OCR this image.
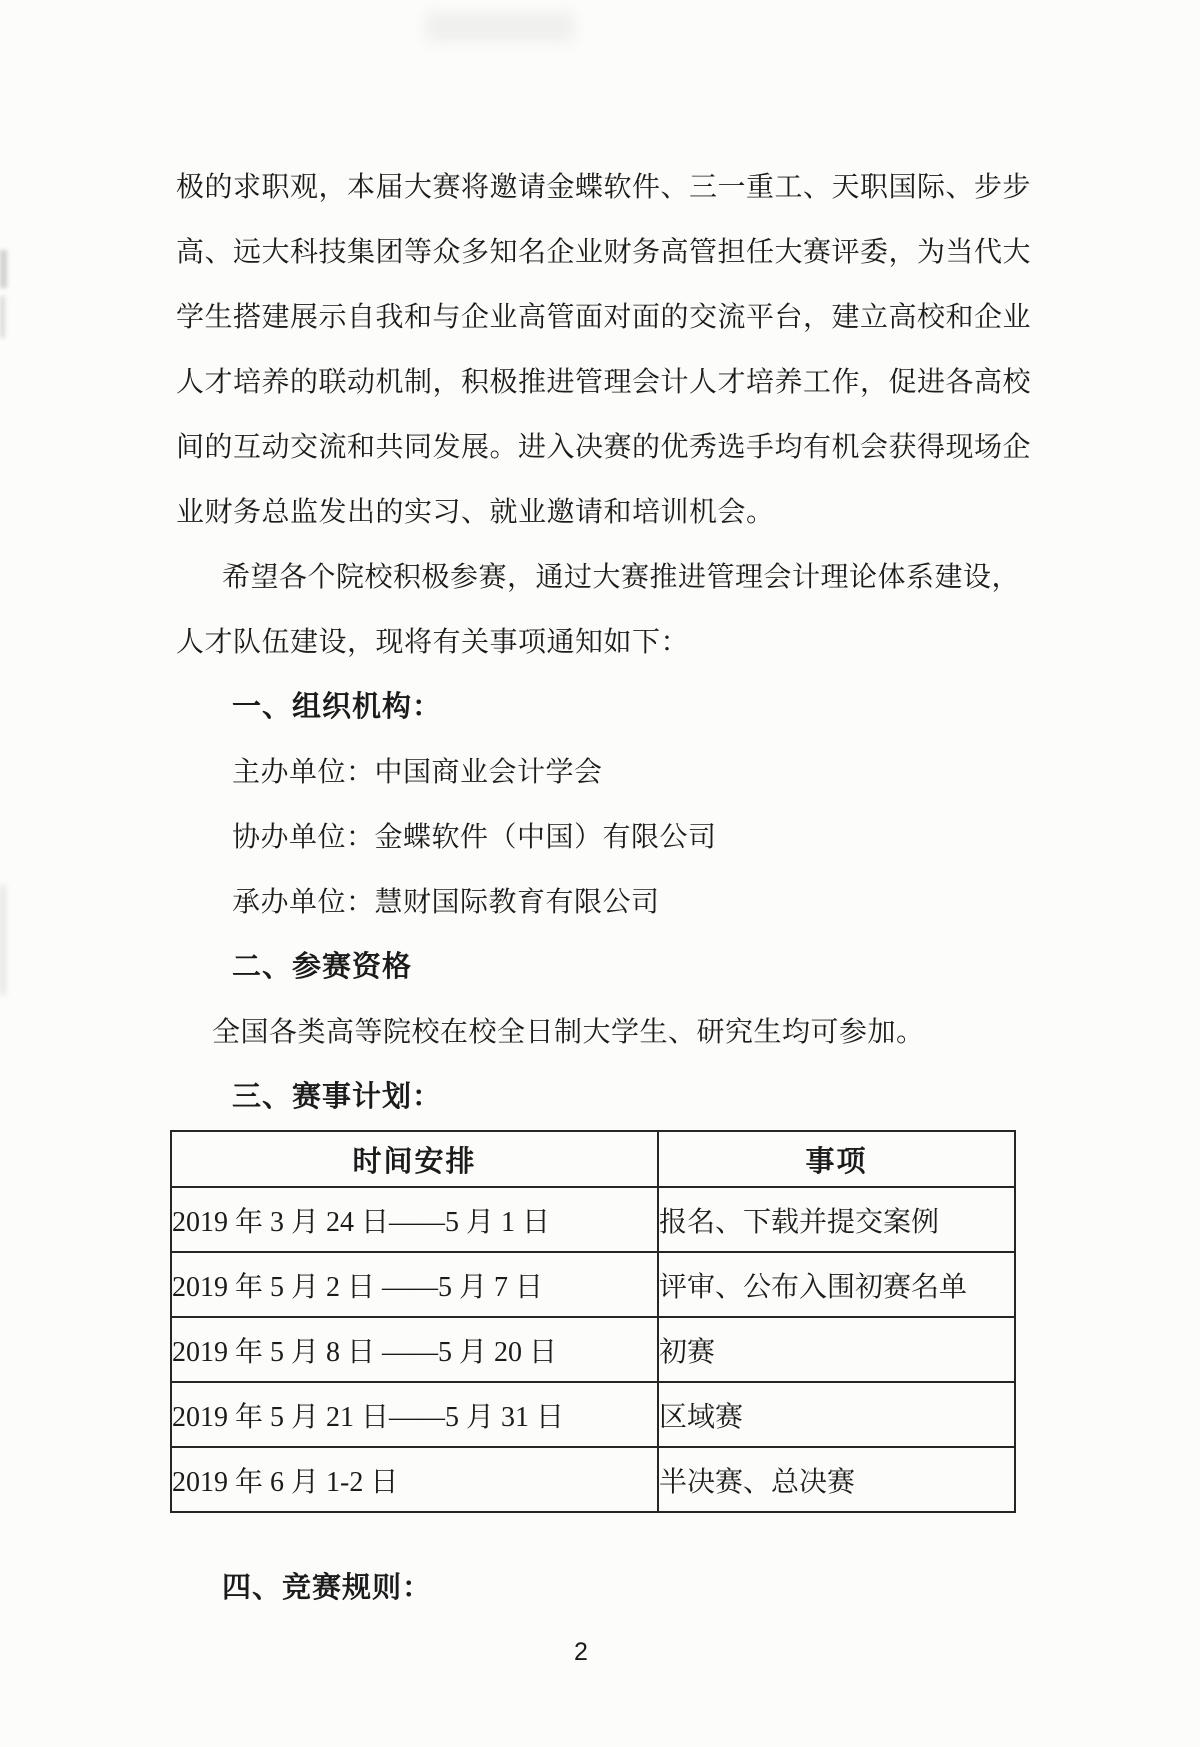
极的求职观，本届大赛将邀请金蝶软件、三一重工、天职国际、步步
高、远大科技集团等众多知名企业财务高管担任大赛评委，为当代大
学生搭建展示自我和与企业高管面对面的交流平台，建立高校和企业
人才培养的联动机制，积极推进管理会计人才培养工作，促进各高校
间的互动交流和共同发展。进入决赛的优秀选手均有机会获得现场企
业财务总监发出的实习、就业邀请和培训机会。
希望各个院校积极参赛，通过大赛推进管理会计理论体系建设，
人才队伍建设，现将有关事项通知如下：
一、组织机构：
主办单位：中国商业会计学会
协办单位：金蝶软件（中国）有限公司
承办单位：慧财国际教育有限公司
二、参赛资格
全国各类高等院校在校全日制大学生、研究生均可参加。
三、赛事计划：
时间安排	事项
2019 年 3 月 24 日——5 月 1 日	报名、下载并提交案例
2019 年 5 月 2 日 ——5 月 7 日	评审、公布入围初赛名单
2019 年 5 月 8 日 ——5 月 20 日	初赛
2019 年 5 月 21 日——5 月 31 日	区域赛
2019 年 6 月 1-2 日	半决赛、总决赛
四、竞赛规则：
2
